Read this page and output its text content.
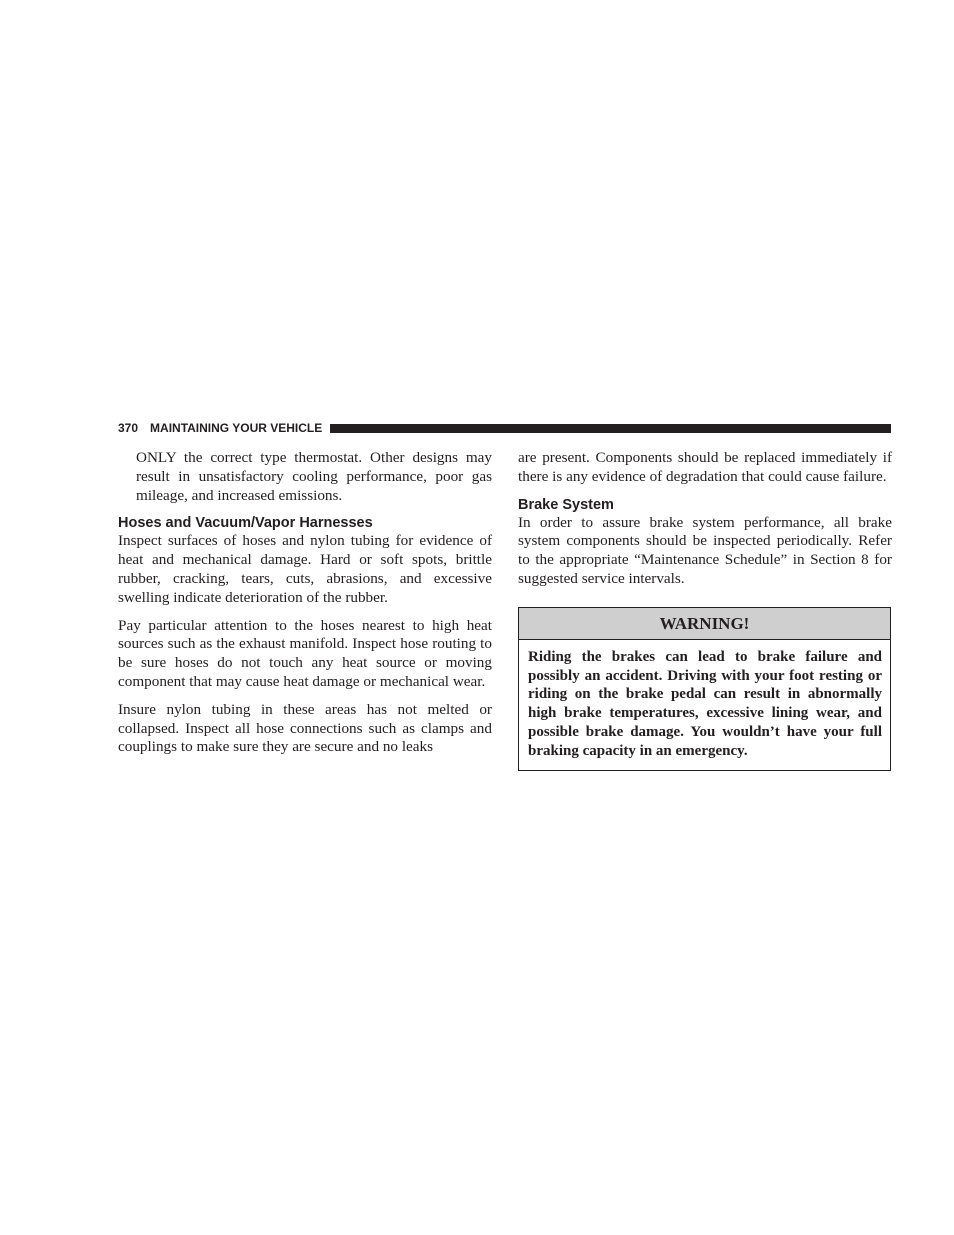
370 MAINTAINING YOUR VEHICLE

ONLY the correct type thermostat. Other designs may result in unsatisfactory cooling performance, poor gas mileage, and increased emissions.

Hoses and Vacuum/Vapor Harnesses

Inspect surfaces of hoses and nylon tubing for evidence of heat and mechanical damage. Hard or soft spots, brittle rubber, cracking, tears, cuts, abrasions, and excessive swelling indicate deterioration of the rubber.

Pay particular attention to the hoses nearest to high heat sources such as the exhaust manifold. Inspect hose routing to be sure hoses do not touch any heat source or moving component that may cause heat damage or mechanical wear.

Insure nylon tubing in these areas has not melted or collapsed. Inspect all hose connections such as clamps and couplings to make sure they are secure and no leaks

are present. Components should be replaced immediately if there is any evidence of degradation that could cause failure.

Brake System

In order to assure brake system performance, all brake system components should be inspected periodically. Refer to the appropriate “Maintenance Schedule” in Section 8 for suggested service intervals.

WARNING!
Riding the brakes can lead to brake failure and possibly an accident. Driving with your foot resting or riding on the brake pedal can result in abnormally high brake temperatures, excessive lining wear, and possible brake damage. You wouldn’t have your full braking capacity in an emergency.
